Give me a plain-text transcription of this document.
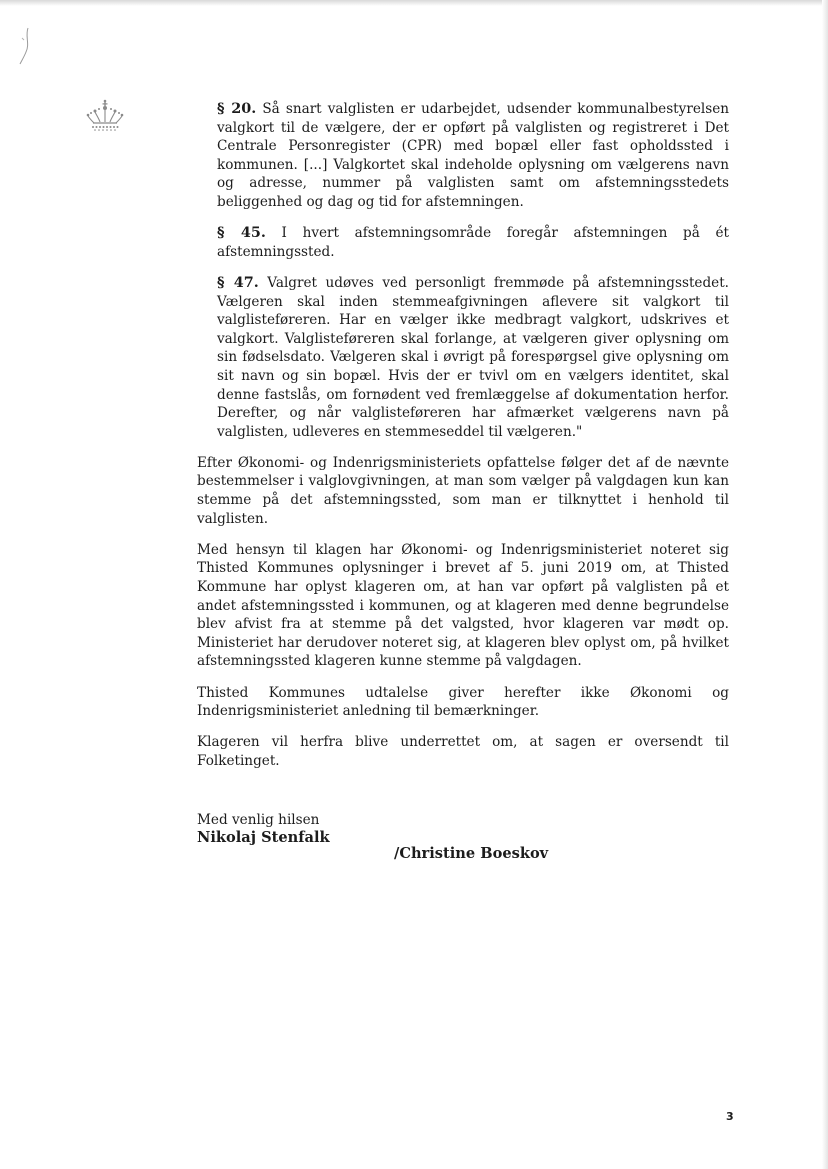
§ 20. Så snart valglisten er udarbejdet, udsender kommunalbestyrelsen valgkort til de vælgere, der er opført på valglisten og registreret i Det Centrale Personregister (CPR) med bopæl eller fast opholdssted i kommunen. [...] Valgkortet skal indeholde oplysning om vælgerens navn og adresse, nummer på valglisten samt om afstemningsstedets beliggenhed og dag og tid for afstemningen.

§ 45. I hvert afstemningsområde foregår afstemningen på ét afstemningssted.

§ 47. Valgret udøves ved personligt fremmøde på afstemningsstedet. Vælgeren skal inden stemmeafgivningen aflevere sit valgkort til valglisteføreren. Har en vælger ikke medbragt valgkort, udskrives et valgkort. Valglisteføreren skal forlange, at vælgeren giver oplysning om sin fødselsdato. Vælgeren skal i øvrigt på forespørgsel give oplysning om sit navn og sin bopæl. Hvis der er tvivl om en vælgers identitet, skal denne fastslås, om fornødent ved fremlæggelse af dokumentation herfor. Derefter, og når valglisteføreren har afmærket vælgerens navn på valglisten, udleveres en stemmeseddel til vælgeren."

Efter Økonomi- og Indenrigsministeriets opfattelse følger det af de nævnte bestemmelser i valglovgivningen, at man som vælger på valgdagen kun kan stemme på det afstemningssted, som man er tilknyttet i henhold til valglisten.

Med hensyn til klagen har Økonomi- og Indenrigsministeriet noteret sig Thisted Kommunes oplysninger i brevet af 5. juni 2019 om, at Thisted Kommune har oplyst klageren om, at han var opført på valglisten på et andet afstemningssted i kommunen, og at klageren med denne begrundelse blev afvist fra at stemme på det valgsted, hvor klageren var mødt op. Ministeriet har derudover noteret sig, at klageren blev oplyst om, på hvilket afstemningssted klageren kunne stemme på valgdagen.

Thisted Kommunes udtalelse giver herefter ikke Økonomi og Indenrigsministeriet anledning til bemærkninger.

Klageren vil herfra blive underrettet om, at sagen er oversendt til Folketinget.

Med venlig hilsen

Nikolaj Stenfalk

/Christine Boeskov

3
